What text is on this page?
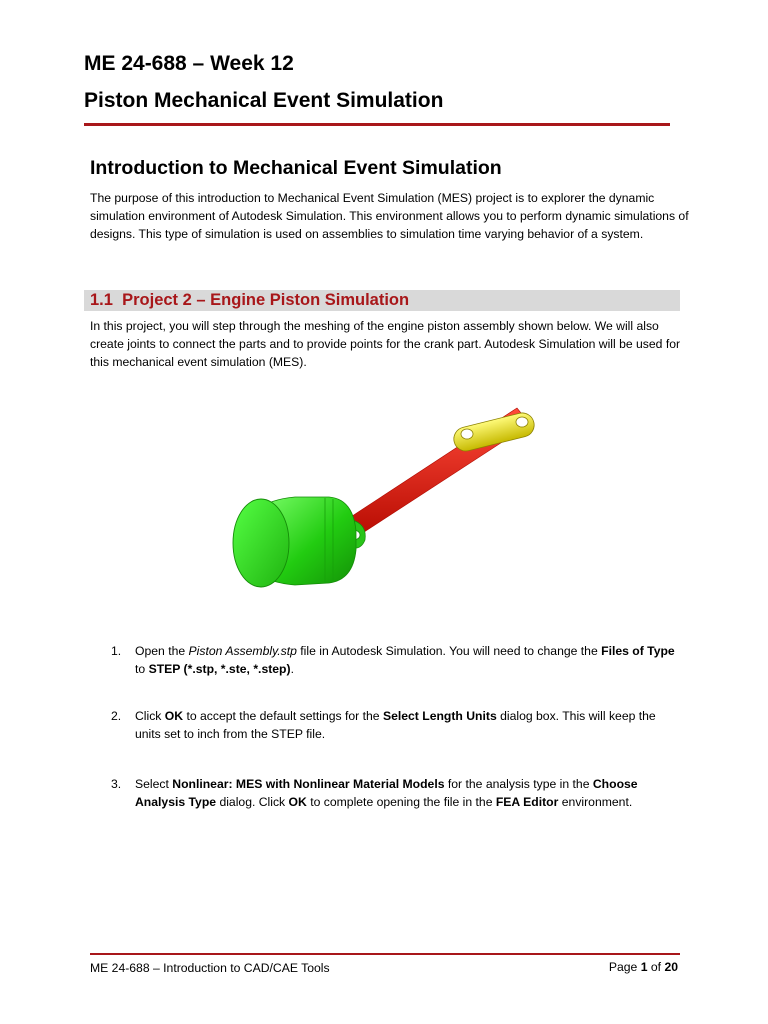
ME 24-688 – Week 12
Piston Mechanical Event Simulation
Introduction to Mechanical Event Simulation
The purpose of this introduction to Mechanical Event Simulation (MES) project is to explorer the dynamic simulation environment of Autodesk Simulation. This environment allows you to perform dynamic simulations of designs. This type of simulation is used on assemblies to simulation time varying behavior of a system.
1.1 Project 2 – Engine Piston Simulation
In this project, you will step through the meshing of the engine piston assembly shown below. We will also create joints to connect the parts and to provide points for the crank part. Autodesk Simulation will be used for this mechanical event simulation (MES).
1.	Open the Piston Assembly.stp file in Autodesk Simulation. You will need to change the Files of Type to STEP (*.stp, *.ste, *.step).
2.	Click OK to accept the default settings for the Select Length Units dialog box. This will keep the units set to inch from the STEP file.
3.	Select Nonlinear: MES with Nonlinear Material Models for the analysis type in the Choose Analysis Type dialog. Click OK to complete opening the file in the FEA Editor environment.
ME 24-688 – Introduction to CAD/CAE Tools	Page 1 of 20
